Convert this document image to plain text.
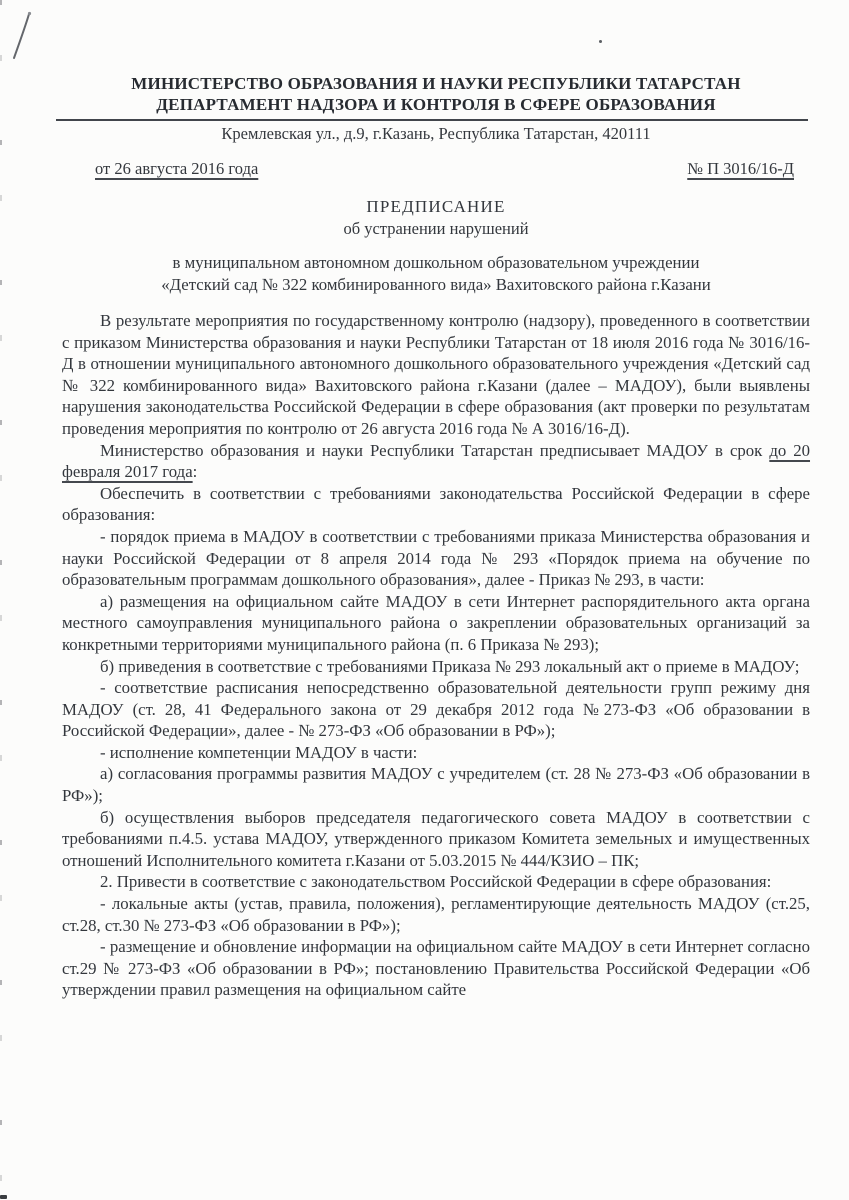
МИНИСТЕРСТВО ОБРАЗОВАНИЯ И НАУКИ РЕСПУБЛИКИ ТАТАРСТАН
ДЕПАРТАМЕНТ НАДЗОРА И КОНТРОЛЯ В СФЕРЕ ОБРАЗОВАНИЯ
Кремлевская ул., д.9, г.Казань, Республика Татарстан, 420111
от 26 августа 2016 года	№ П 3016/16-Д
ПРЕДПИСАНИЕ
об устранении нарушений
в муниципальном автономном дошкольном образовательном учреждении
«Детский сад № 322 комбинированного вида» Вахитовского района г.Казани

В результате мероприятия по государственному контролю (надзору), проведенного в соответствии с приказом Министерства образования и науки Республики Татарстан от 18 июля 2016 года № 3016/16-Д в отношении муниципального автономного дошкольного образовательного учреждения «Детский сад № 322 комбинированного вида» Вахитовского района г.Казани (далее – МАДОУ), были выявлены нарушения законодательства Российской Федерации в сфере образования (акт проверки по результатам проведения мероприятия по контролю от 26 августа 2016 года № А 3016/16-Д).

Министерство образования и науки Республики Татарстан предписывает МАДОУ в срок до 20 февраля 2017 года:

Обеспечить в соответствии с требованиями законодательства Российской Федерации в сфере образования:

- порядок приема в МАДОУ в соответствии с требованиями приказа Министерства образования и науки Российской Федерации от 8 апреля 2014 года № 293 «Порядок приема на обучение по образовательным программам дошкольного образования», далее - Приказ № 293, в части:

а) размещения на официальном сайте МАДОУ в сети Интернет распорядительного акта органа местного самоуправления муниципального района о закреплении образовательных организаций за конкретными территориями муниципального района (п. 6 Приказа № 293);

б) приведения в соответствие с требованиями Приказа № 293 локальный акт о приеме в МАДОУ;

- соответствие расписания непосредственно образовательной деятельности групп режиму дня МАДОУ (ст. 28, 41 Федерального закона от 29 декабря 2012 года №273-ФЗ «Об образовании в Российской Федерации», далее - № 273-ФЗ «Об образовании в РФ»);

- исполнение компетенции МАДОУ в части:

а) согласования программы развития МАДОУ с учредителем (ст. 28 № 273-ФЗ «Об образовании в РФ»);

б) осуществления выборов председателя педагогического совета МАДОУ в соответствии с требованиями п.4.5. устава МАДОУ, утвержденного приказом Комитета земельных и имущественных отношений Исполнительного комитета г.Казани от 5.03.2015 № 444/КЗИО – ПК;

2. Привести в соответствие с законодательством Российской Федерации в сфере образования:

- локальные акты (устав, правила, положения), регламентирующие деятельность МАДОУ (ст.25, ст.28, ст.30 № 273-ФЗ «Об образовании в РФ»);

- размещение и обновление информации на официальном сайте МАДОУ в сети Интернет согласно ст.29 № 273-ФЗ «Об образовании в РФ»; постановлению Правительства Российской Федерации «Об утверждении правил размещения на официальном сайте
